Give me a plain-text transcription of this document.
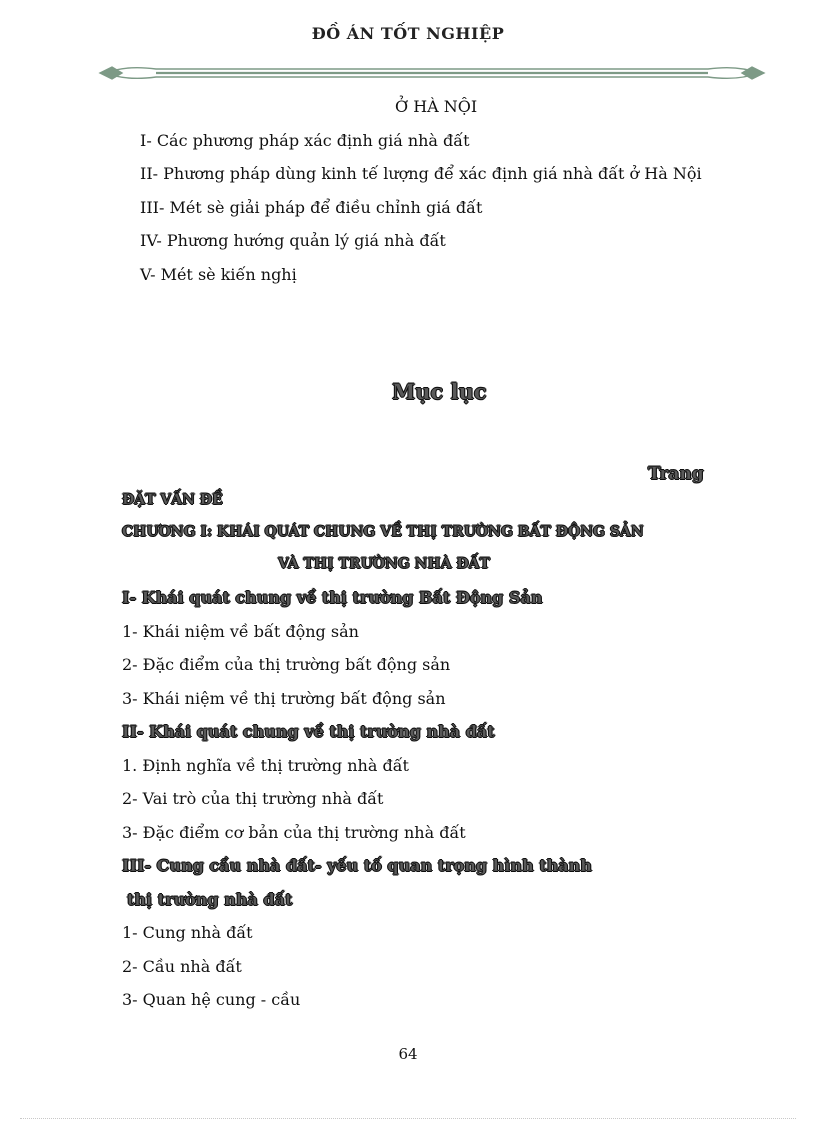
ĐỒ ÁN TỐT NGHIỆP
Ở HÀ NỘI
I- Các phương pháp xác định giá nhà đất
II- Phương pháp dùng kinh tế lượng để xác định giá nhà đất ở Hà Nội
III- Mét sè giải pháp để điều chỉnh giá đất
IV- Phương hướng quản lý giá nhà đất
V- Mét sè kiến nghị
Mục lục
Trang
ĐẶT VẤN ĐỀ
CHƯƠNG I: KHÁI QUÁT CHUNG VỀ THỊ TRƯỜNG BẤT ĐỘNG SẢN
VÀ THỊ TRƯỜNG NHÀ ĐẤT
I- Khái quát chung về thị trường Bất Động Sản
1- Khái niệm về bất động sản
2- Đặc điểm của thị trường bất động sản
3- Khái niệm về thị trường bất động sản
II- Khái quát chung về thị trường nhà đất
1. Định nghĩa về thị trường nhà đất
2- Vai trò của thị trường nhà đất
3- Đặc điểm cơ bản của thị trường nhà đất
III- Cung cầu nhà đất- yếu tố quan trọng hình thành
thị trường nhà đất
1- Cung nhà đất
2- Cầu nhà đất
3- Quan hệ cung - cầu
64
